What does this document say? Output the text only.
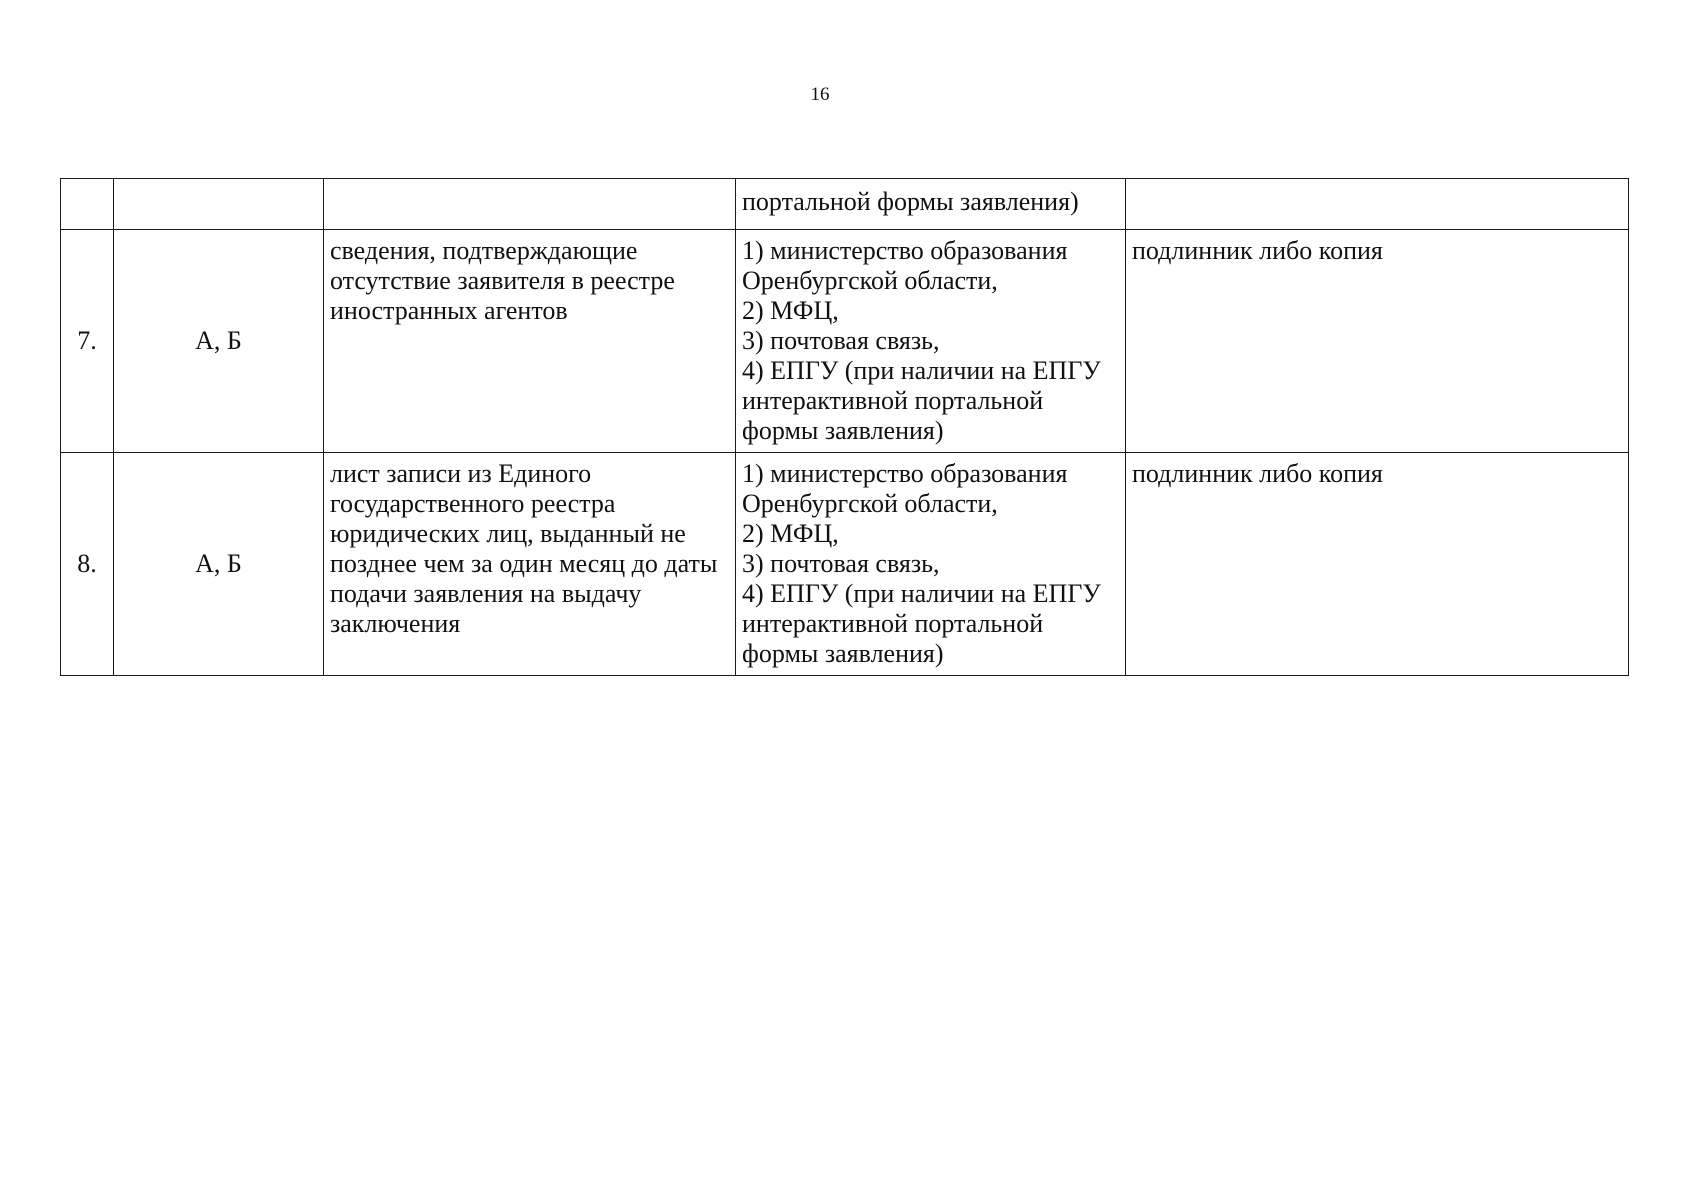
16

			портальной формы заявления)	

7.	А, Б	сведения, подтверждающие отсутствие заявителя в реестре иностранных агентов	1) министерство образования Оренбургской области,
2) МФЦ,
3) почтовая связь,
4) ЕПГУ (при наличии на ЕПГУ интерактивной портальной формы заявления)	подлинник либо копия
8.	А, Б	лист записи из Единого государственного реестра юридических лиц, выданный не позднее чем за один месяц до даты подачи заявления на выдачу заключения	1) министерство образования Оренбургской области,
2) МФЦ,
3) почтовая связь,
4) ЕПГУ (при наличии на ЕПГУ интерактивной портальной формы заявления)	подлинник либо копия
